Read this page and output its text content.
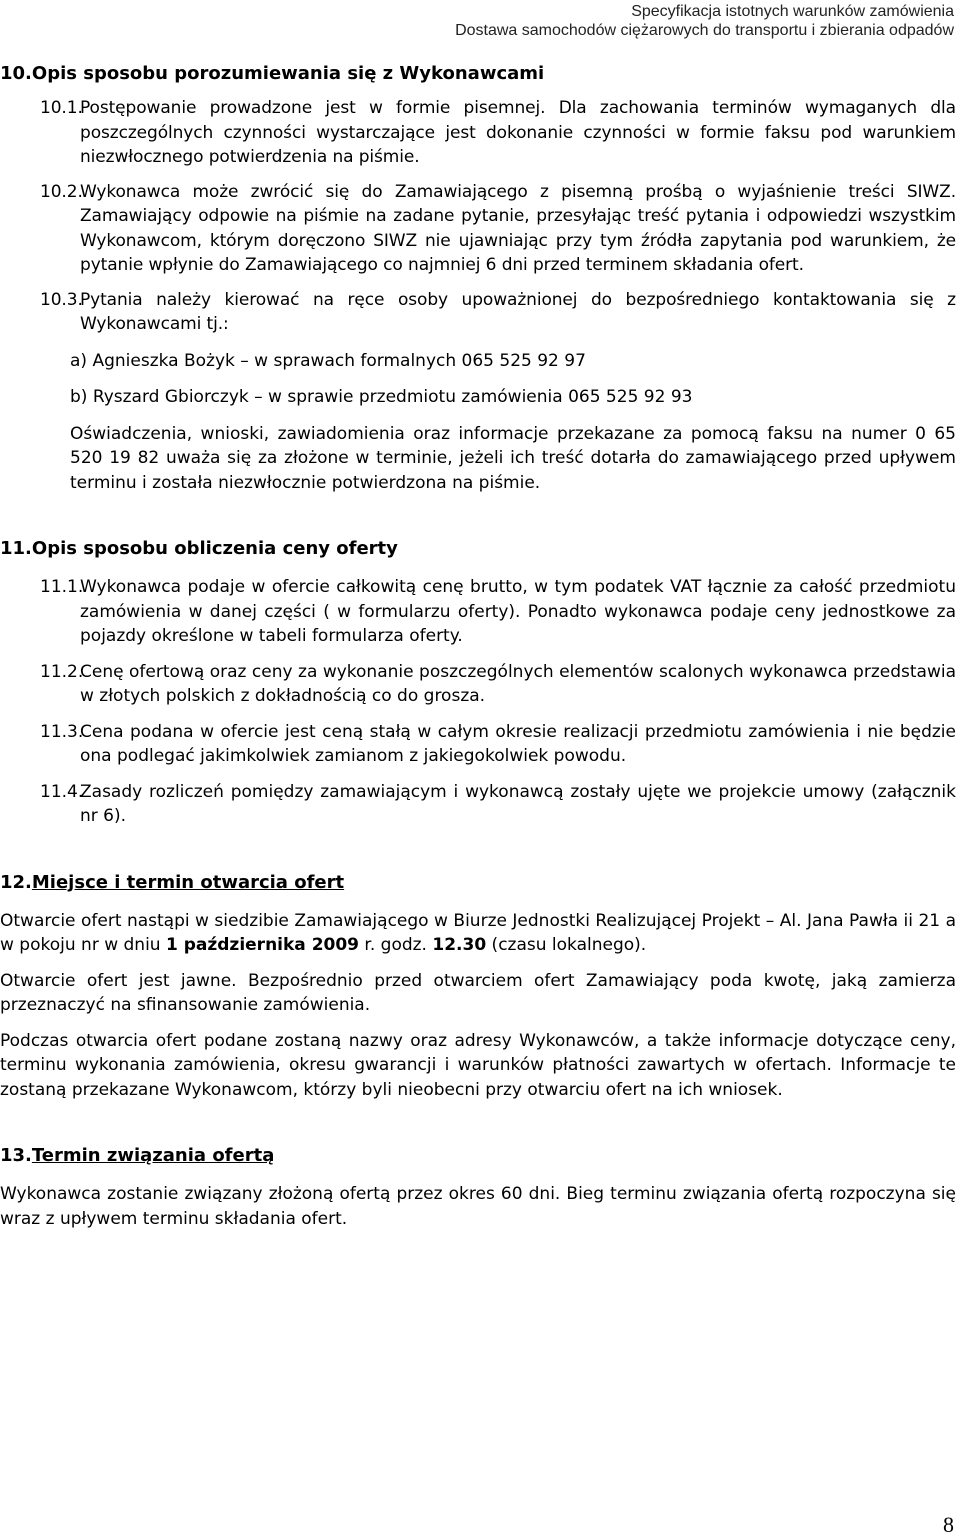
Specyfikacja istotnych warunków zamówienia
Dostawa samochodów ciężarowych do transportu i zbierania odpadów
10.Opis sposobu porozumiewania się z Wykonawcami
10.1.
Postępowanie prowadzone jest w formie pisemnej. Dla zachowania terminów wymaganych dla poszczególnych czynności wystarczające jest dokonanie czynności w formie faksu pod warunkiem niezwłocznego potwierdzenia na piśmie.
10.2.
Wykonawca może zwrócić się do Zamawiającego z pisemną prośbą o wyjaśnienie treści SIWZ. Zamawiający odpowie na piśmie na zadane pytanie, przesyłając treść pytania i odpowiedzi wszystkim Wykonawcom, którym doręczono SIWZ nie ujawniając przy tym źródła zapytania pod warunkiem, że pytanie wpłynie do Zamawiającego co najmniej 6 dni przed terminem składania ofert.
10.3.
Pytania należy kierować na ręce osoby upoważnionej do bezpośredniego kontaktowania się z Wykonawcami tj.:

a) Agnieszka Bożyk – w sprawach formalnych 065 525 92 97

b) Ryszard Gbiorczyk – w sprawie przedmiotu zamówienia 065 525 92 93

Oświadczenia, wnioski, zawiadomienia oraz informacje przekazane za pomocą faksu na numer 0 65 520 19 82 uważa się za złożone w terminie, jeżeli ich treść dotarła do zamawiającego przed upływem terminu i została niezwłocznie potwierdzona na piśmie.

11.Opis sposobu obliczenia ceny oferty
11.1.
Wykonawca podaje w ofercie całkowitą cenę brutto, w tym podatek VAT łącznie za całość przedmiotu zamówienia w danej części ( w formularzu oferty). Ponadto wykonawca podaje ceny jednostkowe za pojazdy określone w tabeli formularza oferty.
11.2.
Cenę ofertową oraz ceny za wykonanie poszczególnych elementów scalonych wykonawca przedstawia w złotych polskich z dokładnością co do grosza.
11.3.
Cena podana w ofercie jest ceną stałą w całym okresie realizacji przedmiotu zamówienia i nie będzie ona podlegać jakimkolwiek zamianom z jakiegokolwiek powodu.
11.4.
Zasady rozliczeń pomiędzy zamawiającym i wykonawcą zostały ujęte we projekcie umowy (załącznik nr 6).
12.Miejsce i termin otwarcia ofert

Otwarcie ofert nastąpi w siedzibie Zamawiającego w Biurze Jednostki Realizującej Projekt – Al. Jana Pawła ii 21 a w pokoju nr w dniu 1 października 2009 r. godz. 12.30 (czasu lokalnego).

Otwarcie ofert jest jawne. Bezpośrednio przed otwarciem ofert Zamawiający poda kwotę, jaką zamierza przeznaczyć na sfinansowanie zamówienia.

Podczas otwarcia ofert podane zostaną nazwy oraz adresy Wykonawców, a także informacje dotyczące ceny, terminu wykonania zamówienia, okresu gwarancji i warunków płatności zawartych w ofertach. Informacje te zostaną przekazane Wykonawcom, którzy byli nieobecni przy otwarciu ofert na ich wniosek.

13.Termin związania ofertą

Wykonawca zostanie związany złożoną ofertą przez okres 60 dni. Bieg terminu związania ofertą rozpoczyna się wraz z upływem terminu składania ofert.

8
